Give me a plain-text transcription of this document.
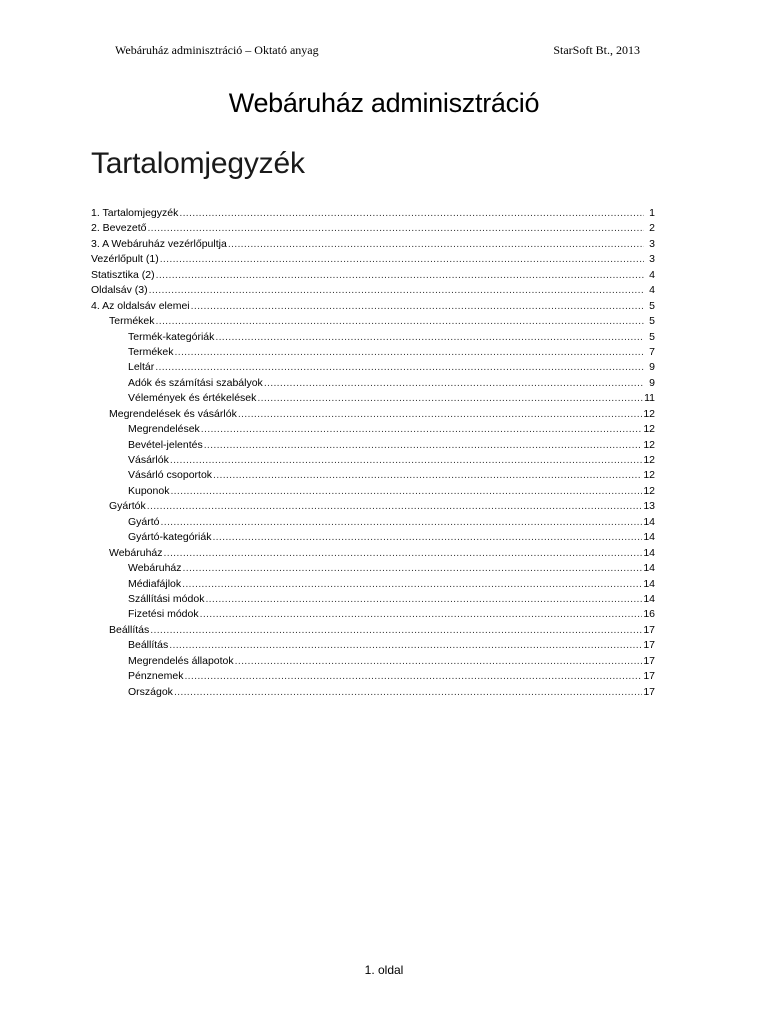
Webáruház adminisztráció – Oktató anyag	StarSoft Bt., 2013
Webáruház adminisztráció
Tartalomjegyzék
1. Tartalomjegyzék .....	1
2. Bevezető .....	2
3. A Webáruház vezérlőpultja .....	3
Vezérlőpult (1) .....	3
Statisztika (2) .....	4
Oldalsáv (3) .....	4
4. Az oldalsáv elemei .....	5
Termékek .....	5
Termék-kategóriák .....	5
Termékek .....	7
Leltár .....	9
Adók és számítási szabályok .....	9
Vélemények és értékelések .....	11
Megrendelések és vásárlók .....	12
Megrendelések .....	12
Bevétel-jelentés .....	12
Vásárlók .....	12
Vásárló csoportok .....	12
Kuponok .....	12
Gyártók .....	13
Gyártó .....	14
Gyártó-kategóriák .....	14
Webáruház .....	14
Webáruház .....	14
Médiafájlok .....	14
Szállítási módok .....	14
Fizetési módok .....	16
Beállítás .....	17
Beállítás .....	17
Megrendelés állapotok .....	17
Pénznemek .....	17
Országok .....	17
1. oldal
